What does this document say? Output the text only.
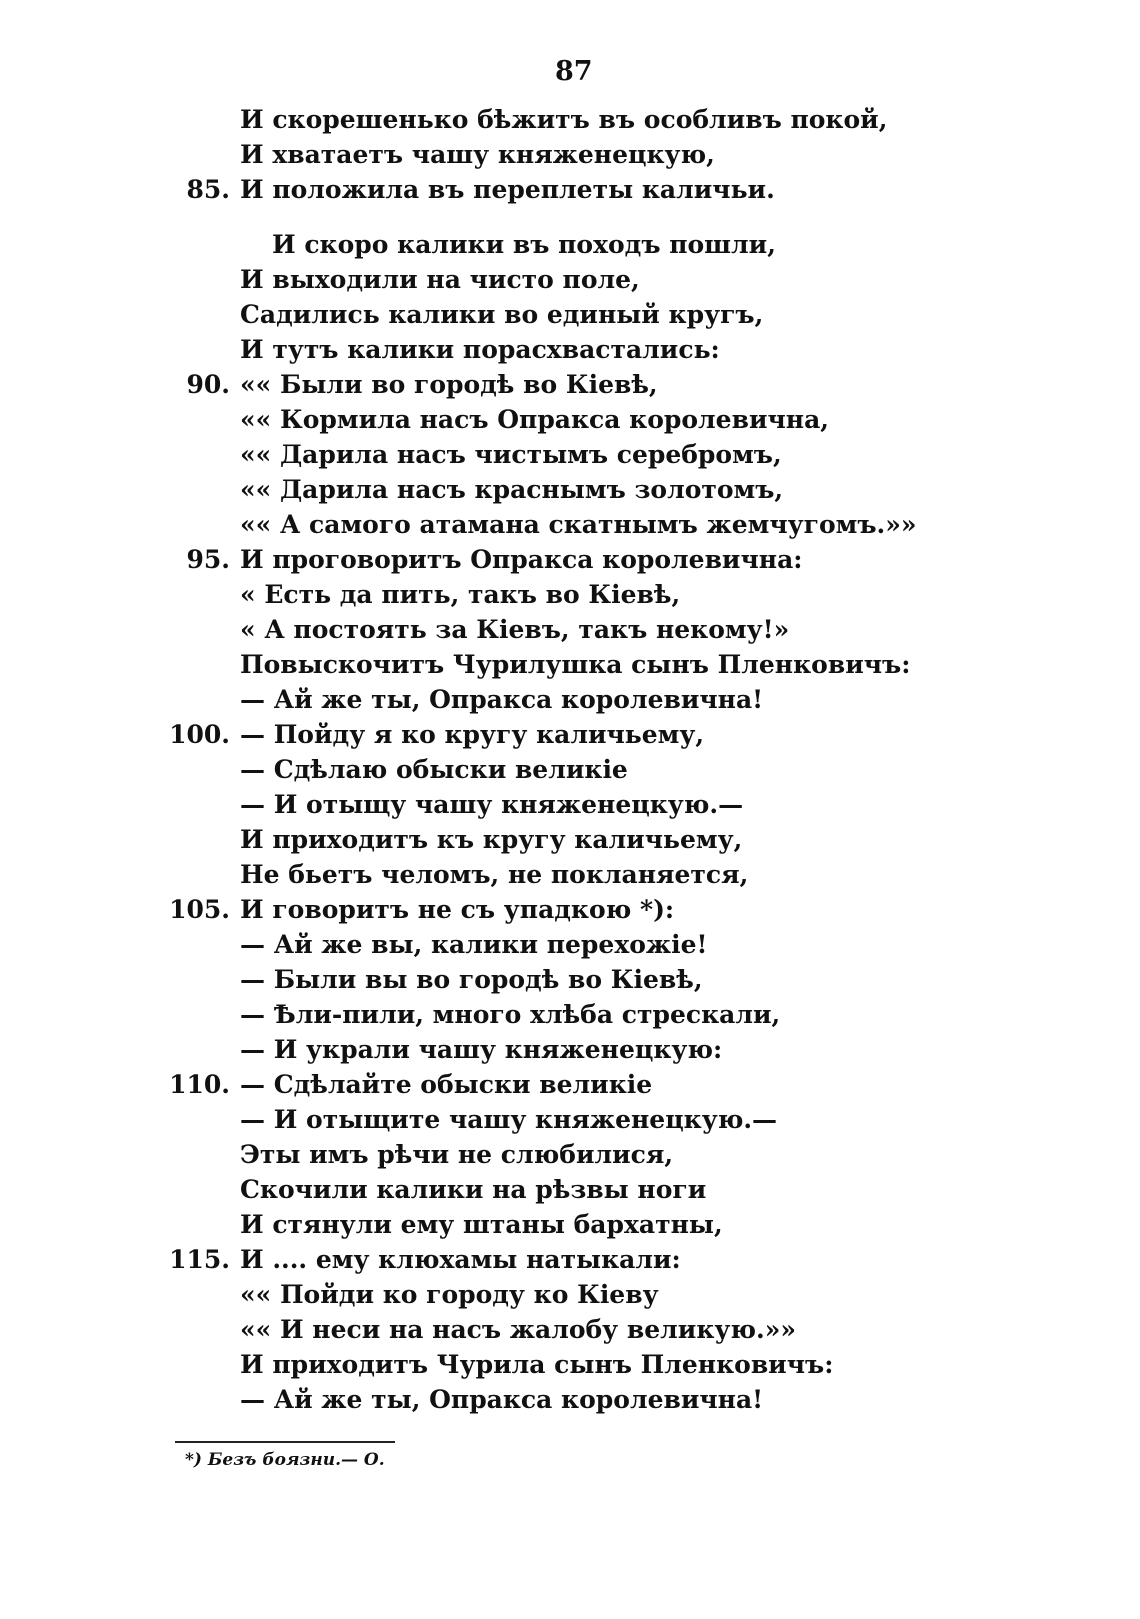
87
И скорешенько бѣжитъ въ особливъ покой,
И хватаетъ чашу княженецкую,
85. И положила въ переплеты каличьи.
И скоро калики въ походъ пошли,
И выходили на чисто поле,
Садились калики во единый кругъ,
И тутъ калики порасхвастались:
90. «« Были во городѣ во Кіевѣ,
«« Кормила насъ Опракса королевична,
«« Дарила насъ чистымъ серебромъ,
«« Дарила насъ краснымъ золотомъ,
«« А самого атамана скатнымъ жемчугомъ.»»
95. И проговоритъ Опракса королевична:
« Есть да пить, такъ во Кіевѣ,
« А постоять за Кіевъ, такъ некому!»
Повыскочитъ Чурилушка сынъ Пленковичъ:
— Ай же ты, Опракса королевична!
100. — Пойду я ко кругу каличьему,
— Сдѣлаю обыски великіе
— И отыщу чашу княженецкую.—
И приходитъ къ кругу каличьему,
Не бьетъ челомъ, не покланяется,
105. И говоритъ не съ упадкою *):
— Ай же вы, калики перехожіе!
— Были вы во городѣ во Кіевѣ,
— Ѣли-пили, много хлѣба стрескали,
— И украли чашу княженецкую:
110. — Сдѣлайте обыски великіе
— И отыщите чашу княженецкую.—
Эты имъ рѣчи не слюбилися,
Скочили калики на рѣзвы ноги
И стянули ему штаны бархатны,
115. И .... ему клюхамы натыкали:
«« Пойди ко городу ко Кіеву
«« И неси на насъ жалобу великую.»»
И приходитъ Чурила сынъ Пленковичъ:
— Ай же ты, Опракса королевична!
*) Безъ боязни.— О.
